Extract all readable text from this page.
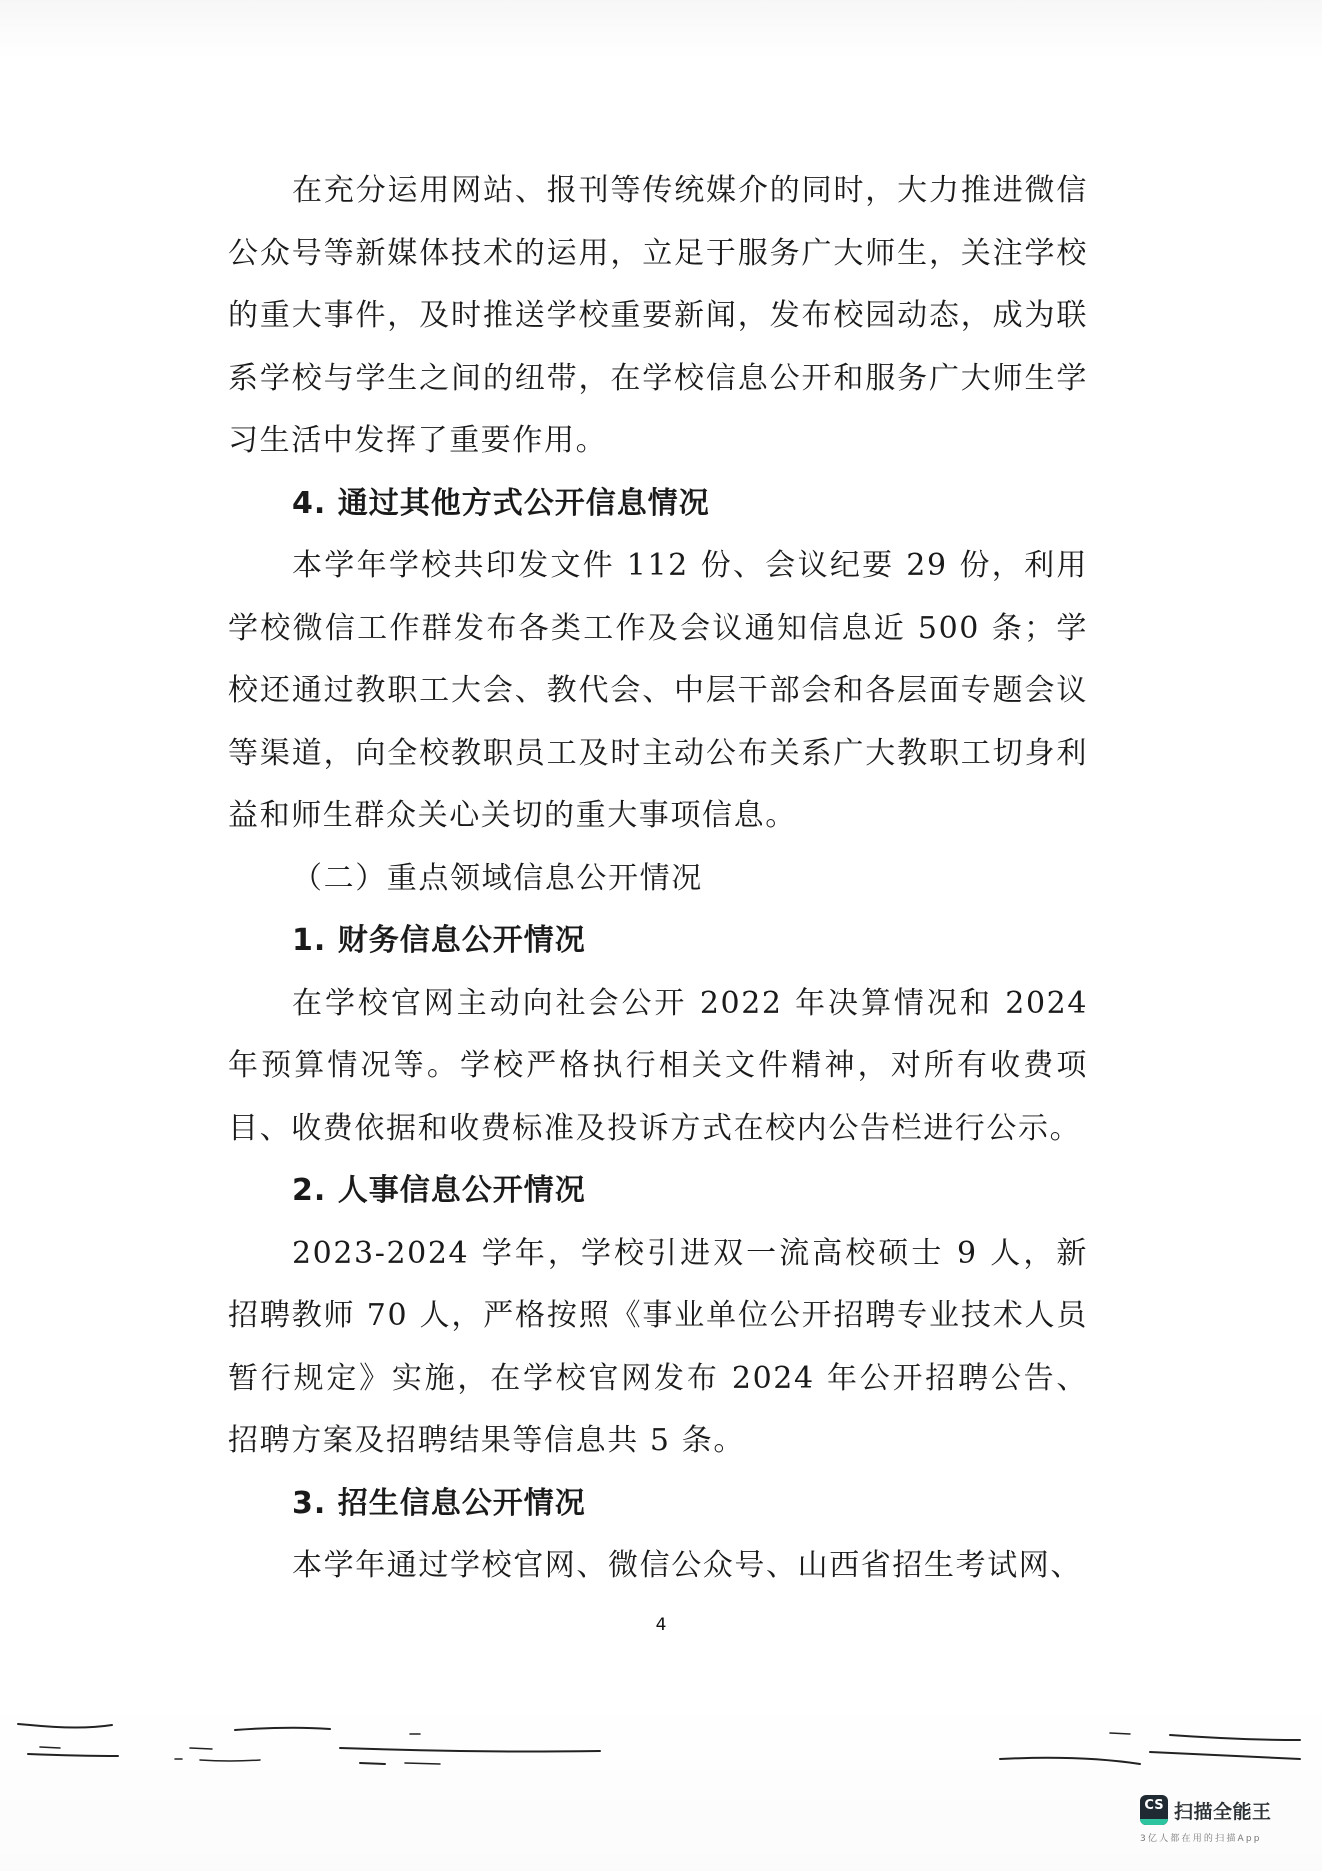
在充分运用网站、报刊等传统媒介的同时，大力推进微信公众号等新媒体技术的运用，立足于服务广大师生，关注学校的重大事件，及时推送学校重要新闻，发布校园动态，成为联系学校与学生之间的纽带，在学校信息公开和服务广大师生学习生活中发挥了重要作用。

4. 通过其他方式公开信息情况

本学年学校共印发文件 112 份、会议纪要 29 份，利用学校微信工作群发布各类工作及会议通知信息近 500 条；学校还通过教职工大会、教代会、中层干部会和各层面专题会议等渠道，向全校教职员工及时主动公布关系广大教职工切身利益和师生群众关心关切的重大事项信息。

（二）重点领域信息公开情况

1. 财务信息公开情况

在学校官网主动向社会公开 2022 年决算情况和 2024 年预算情况等。学校严格执行相关文件精神，对所有收费项目、收费依据和收费标准及投诉方式在校内公告栏进行公示。

2. 人事信息公开情况

2023-2024 学年，学校引进双一流高校硕士 9 人，新招聘教师 70 人，严格按照《事业单位公开招聘专业技术人员暂行规定》实施，在学校官网发布 2024 年公开招聘公告、招聘方案及招聘结果等信息共 5 条。

3. 招生信息公开情况

本学年通过学校官网、微信公众号、山西省招生考试网、

4
CS 扫描全能王
3亿人都在用的扫描App
